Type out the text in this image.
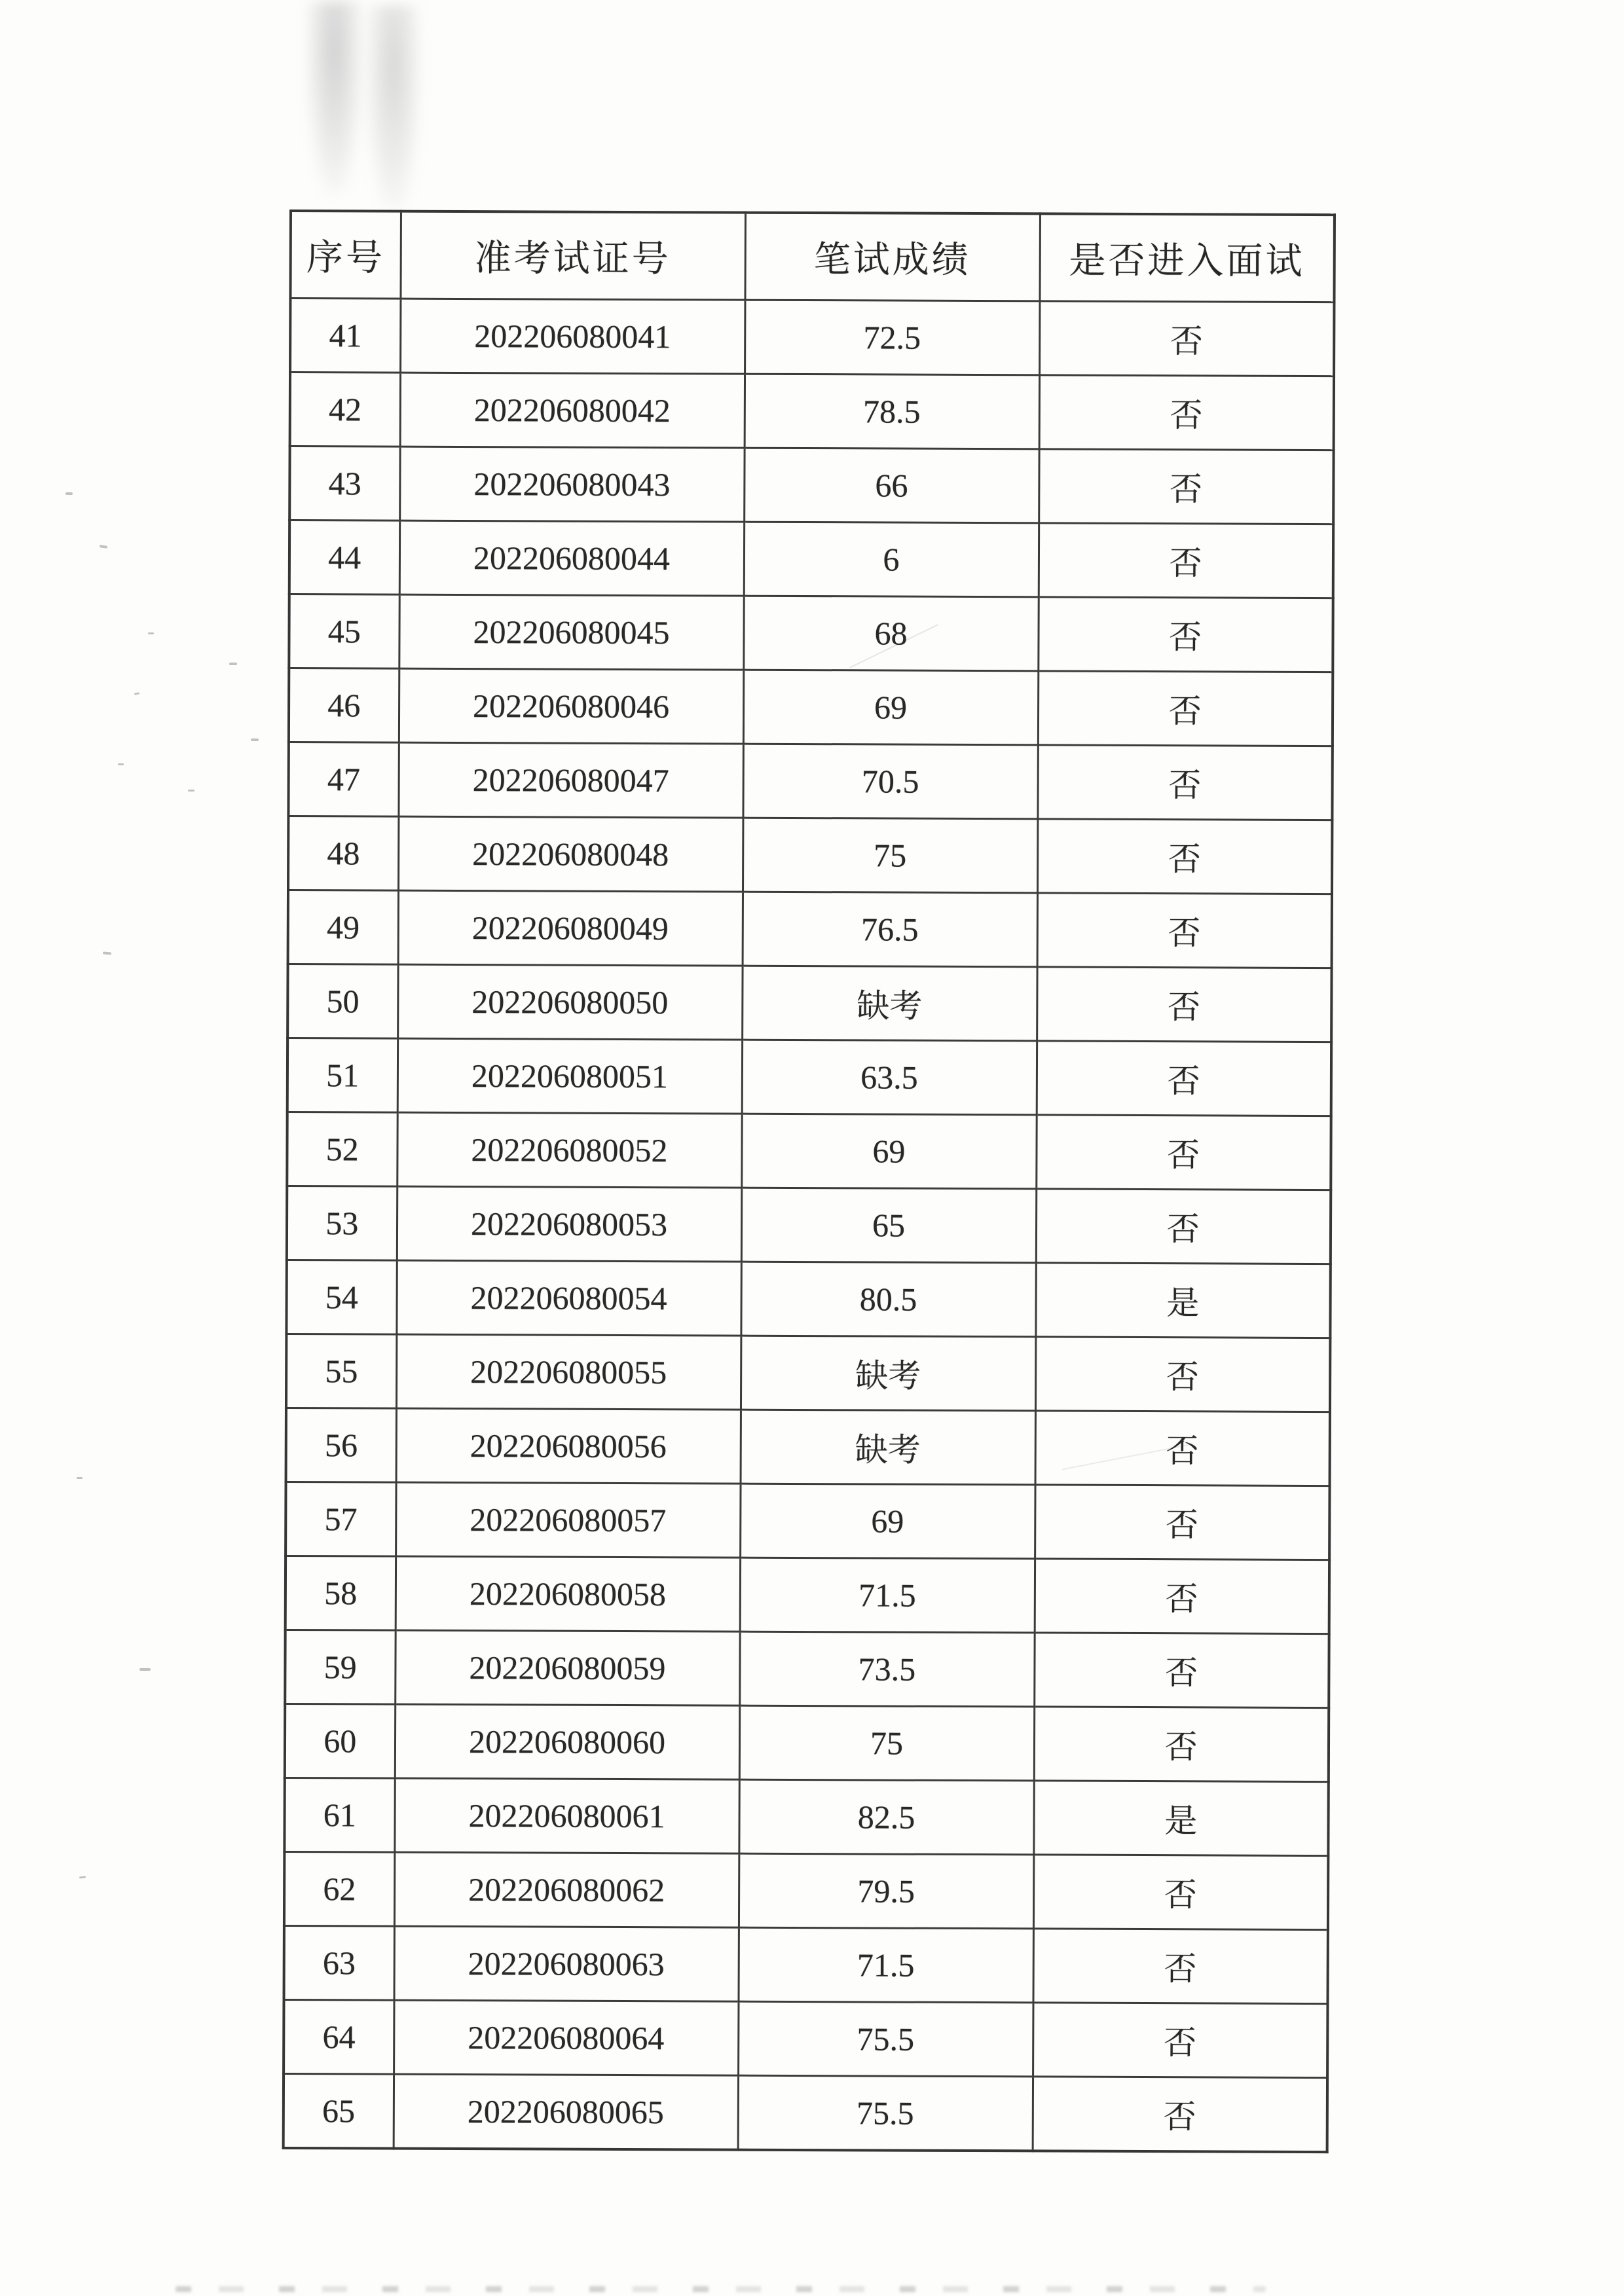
序号	准考试证号	笔试成绩	是否进入面试
41	202206080041	72.5	否
42	202206080042	78.5	否
43	202206080043	66	否
44	202206080044	6	否
45	202206080045	68	否
46	202206080046	69	否
47	202206080047	70.5	否
48	202206080048	75	否
49	202206080049	76.5	否
50	202206080050	缺考	否
51	202206080051	63.5	否
52	202206080052	69	否
53	202206080053	65	否
54	202206080054	80.5	是
55	202206080055	缺考	否
56	202206080056	缺考	否
57	202206080057	69	否
58	202206080058	71.5	否
59	202206080059	73.5	否
60	202206080060	75	否
61	202206080061	82.5	是
62	202206080062	79.5	否
63	202206080063	71.5	否
64	202206080064	75.5	否
65	202206080065	75.5	否
